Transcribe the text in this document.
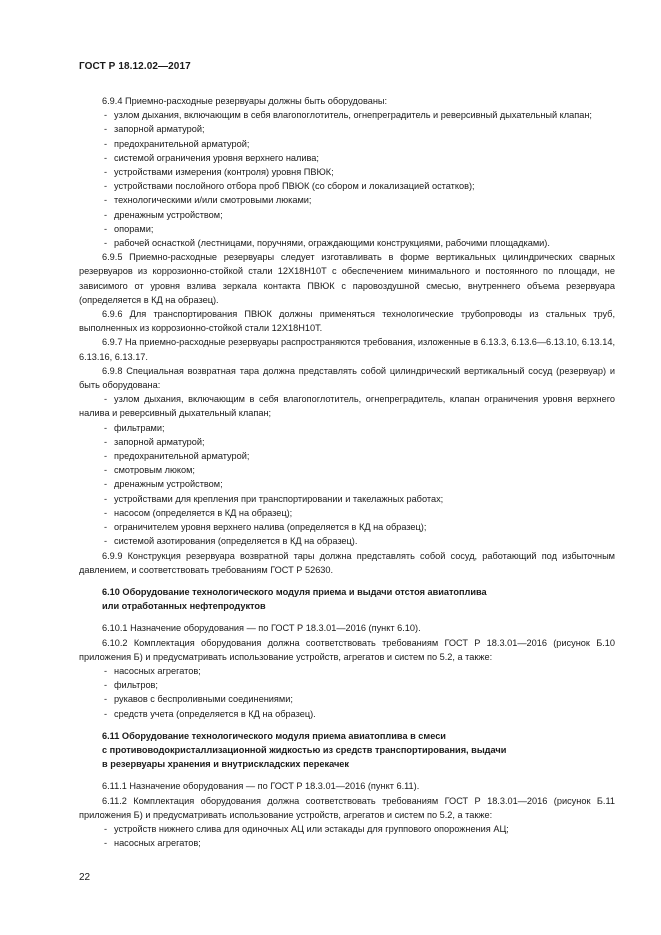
ГОСТ Р 18.12.02—2017
6.9.4 Приемно-расходные резервуары должны быть оборудованы:
- узлом дыхания, включающим в себя влагопоглотитель, огнепреградитель и реверсивный дыхательный клапан;
- запорной арматурой;
- предохранительной арматурой;
- системой ограничения уровня верхнего налива;
- устройствами измерения (контроля) уровня ПВЮК;
- устройствами послойного отбора проб ПВЮК (со сбором и локализацией остатков);
- технологическими и/или смотровыми люками;
- дренажным устройством;
- опорами;
- рабочей оснасткой (лестницами, поручнями, ограждающими конструкциями, рабочими площадками).
6.9.5 Приемно-расходные резервуары следует изготавливать в форме вертикальных цилиндрических сварных резервуаров из коррозионно-стойкой стали 12Х18Н10Т с обеспечением минимального и постоянного по площади, не зависимого от уровня взлива зеркала контакта ПВЮК с паровоздушной смесью, внутреннего объема резервуара (определяется в КД на образец).
6.9.6 Для транспортирования ПВЮК должны применяться технологические трубопроводы из стальных труб, выполненных из коррозионно-стойкой стали 12Х18Н10Т.
6.9.7 На приемно-расходные резервуары распространяются требования, изложенные в 6.13.3, 6.13.6—6.13.10, 6.13.14, 6.13.16, 6.13.17.
6.9.8 Специальная возвратная тара должна представлять собой цилиндрический вертикальный сосуд (резервуар) и быть оборудована:
- узлом дыхания, включающим в себя влагопоглотитель, огнепреградитель, клапан ограничения уровня верхнего налива и реверсивный дыхательный клапан;
- фильтрами;
- запорной арматурой;
- предохранительной арматурой;
- смотровым люком;
- дренажным устройством;
- устройствами для крепления при транспортировании и такелажных работах;
- насосом (определяется в КД на образец);
- ограничителем уровня верхнего налива (определяется в КД на образец);
- системой азотирования (определяется в КД на образец).
6.9.9 Конструкция резервуара возвратной тары должна представлять собой сосуд, работающий под избыточным давлением, и соответствовать требованиям ГОСТ Р 52630.
6.10 Оборудование технологического модуля приема и выдачи отстоя авиатоплива
или отработанных нефтепродуктов
6.10.1 Назначение оборудования — по ГОСТ Р 18.3.01—2016 (пункт 6.10).
6.10.2 Комплектация оборудования должна соответствовать требованиям ГОСТ Р 18.3.01—2016 (рисунок Б.10 приложения Б) и предусматривать использование устройств, агрегатов и систем по 5.2, а также:
- насосных агрегатов;
- фильтров;
- рукавов с беспроливными соединениями;
- средств учета (определяется в КД на образец).
6.11 Оборудование технологического модуля приема авиатоплива в смеси
с противоводокристаллизационной жидкостью из средств транспортирования, выдачи
в резервуары хранения и внутрискладских перекачек
6.11.1 Назначение оборудования — по ГОСТ Р 18.3.01—2016 (пункт 6.11).
6.11.2 Комплектация оборудования должна соответствовать требованиям ГОСТ Р 18.3.01—2016 (рисунок Б.11 приложения Б) и предусматривать использование устройств, агрегатов и систем по 5.2, а также:
- устройств нижнего слива для одиночных АЦ или эстакады для группового опорожнения АЦ;
- насосных агрегатов;
22
